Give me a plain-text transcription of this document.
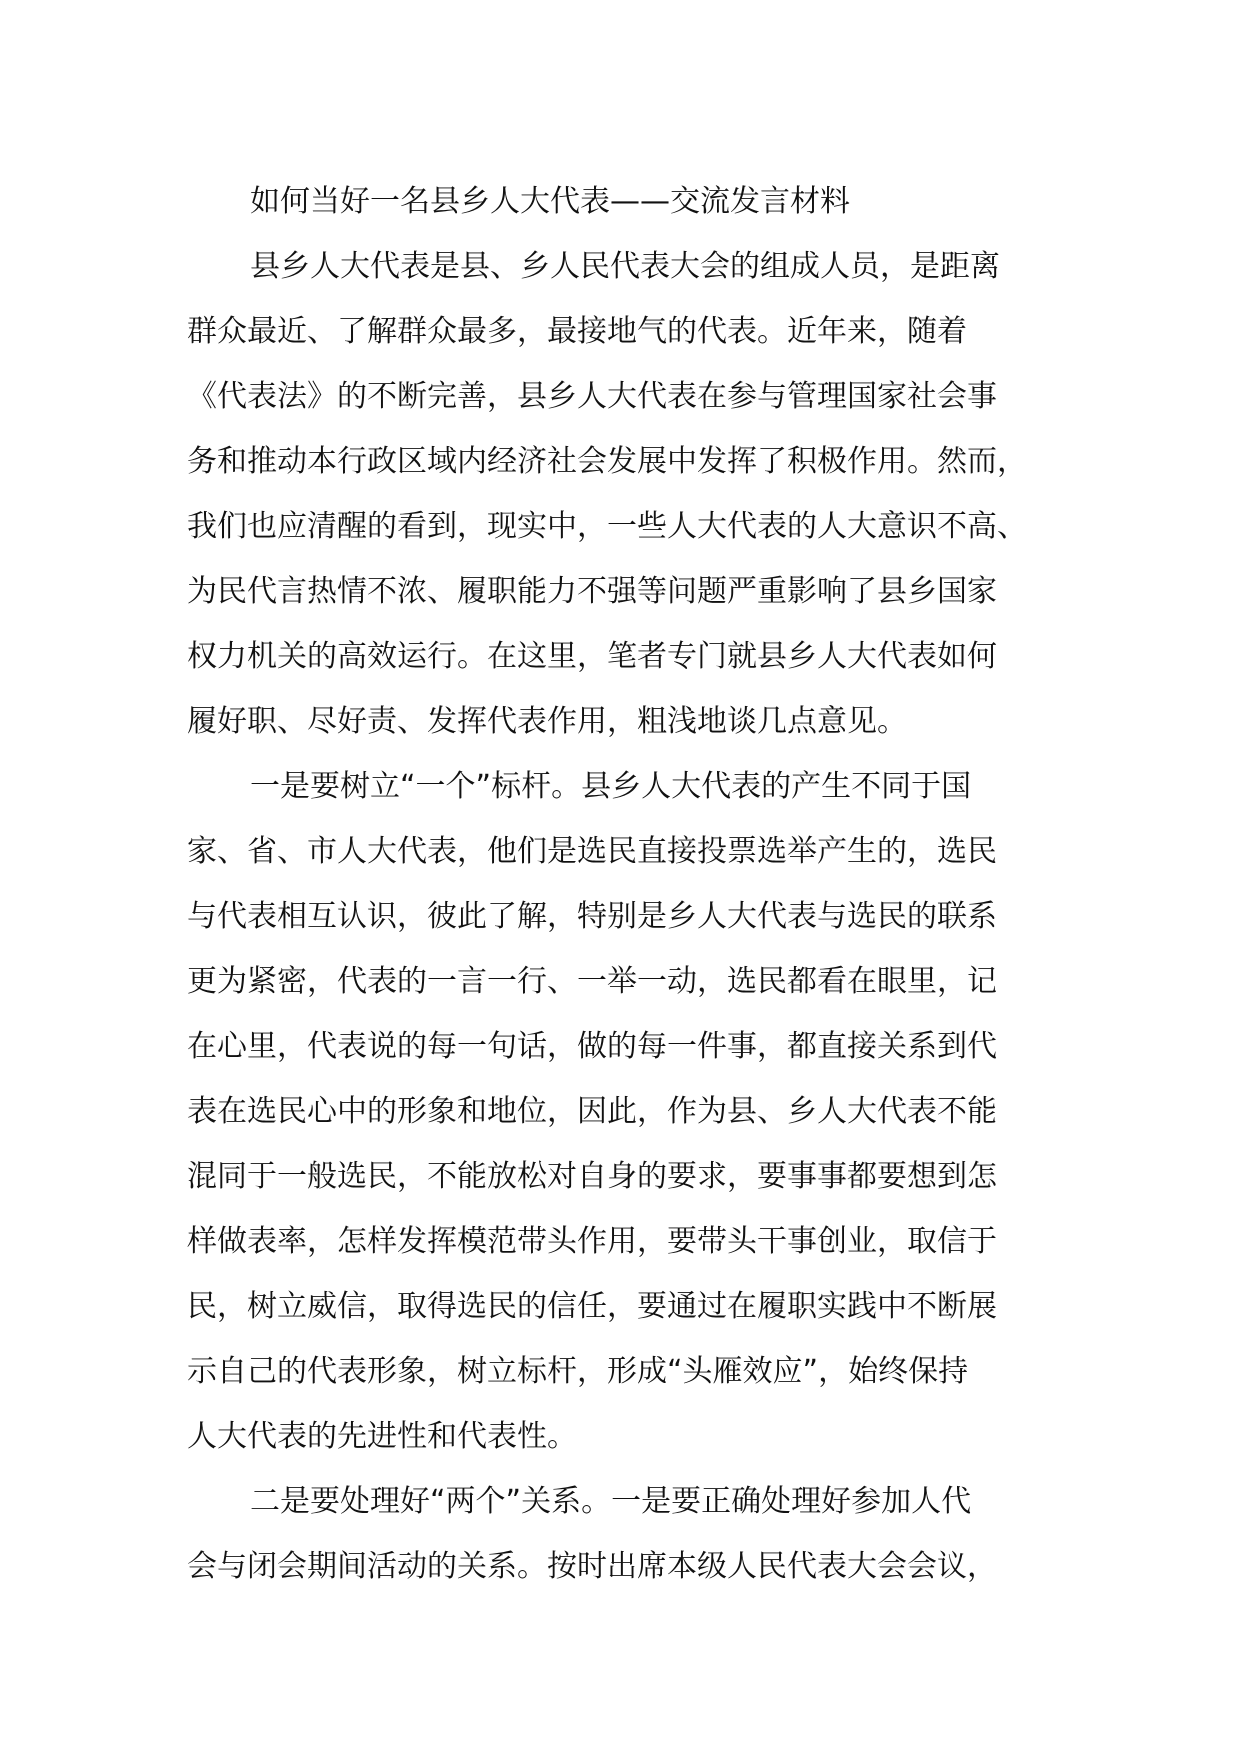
如何当好一名县乡人大代表——交流发言材料
县乡人大代表是县、乡人民代表大会的组成人员，是距离
群众最近、了解群众最多，最接地气的代表。近年来，随着
《代表法》的不断完善，县乡人大代表在参与管理国家社会事
务和推动本行政区域内经济社会发展中发挥了积极作用。然而，
我们也应清醒的看到，现实中，一些人大代表的人大意识不高、
为民代言热情不浓、履职能力不强等问题严重影响了县乡国家
权力机关的高效运行。在这里，笔者专门就县乡人大代表如何
履好职、尽好责、发挥代表作用，粗浅地谈几点意见。
一是要树立“一个”标杆。县乡人大代表的产生不同于国
家、省、市人大代表，他们是选民直接投票选举产生的，选民
与代表相互认识，彼此了解，特别是乡人大代表与选民的联系
更为紧密，代表的一言一行、一举一动，选民都看在眼里，记
在心里，代表说的每一句话，做的每一件事，都直接关系到代
表在选民心中的形象和地位，因此，作为县、乡人大代表不能
混同于一般选民，不能放松对自身的要求，要事事都要想到怎
样做表率，怎样发挥模范带头作用，要带头干事创业，取信于
民，树立威信，取得选民的信任，要通过在履职实践中不断展
示自己的代表形象，树立标杆，形成“头雁效应”，始终保持
人大代表的先进性和代表性。
二是要处理好“两个”关系。一是要正确处理好参加人代
会与闭会期间活动的关系。按时出席本级人民代表大会会议，
